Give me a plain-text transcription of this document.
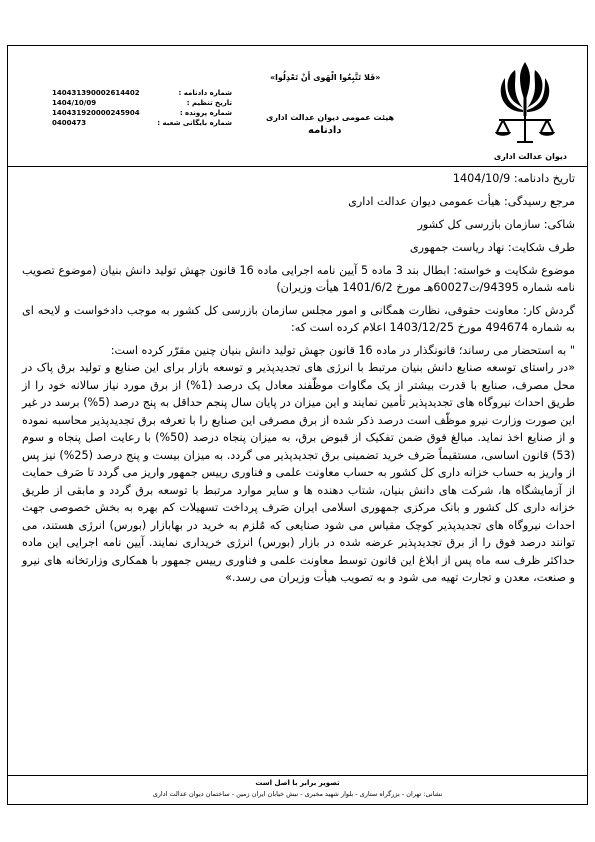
«فَلا تَتَّبِعُوا الْهَوی أَنْ تَعْدِلُوا»
هیئت عمومی دیوان عدالت اداری
دادنامه
شماره دادنامه :
140431390002614402
تاریخ تنظیم :
1404/10/09
شماره پرونده :
140431920000245904
شماره بایگانی شعبه :
0400473
دیوان عدالت اداری

تاریخ دادنامه: 1404/10/9

مرجع رسیدگی: هیأت عمومی دیوان عدالت اداری

شاکی: سازمان بازرسی کل کشور

طرف شکایت: نهاد ریاست جمهوری

موضوع شکایت و خواسته: ابطال بند 3 ماده 5 آیین نامه اجرایی ماده 16 قانون جهش تولید دانش بنیان (موضوع تصویب نامه شماره 94395/ت60027هـ مورخ 1401/6/2 هیأت وزیران)

گردش کار: معاونت حقوقی، نظارت همگانی و امور مجلس سازمان بازرسی کل کشور به موجب دادخواست و لایحه ای به شماره 494674 مورخ 1403/12/25 اعلام کرده است که:

" به استحضار می رساند؛ قانونگذار در ماده 16 قانون جهش تولید دانش بنیان چنین مقرّر کرده است:

«در راستای توسعه صنایع دانش بنیان مرتبط با انرژی های تجدیدپذیر و توسعه بازار برای این صنایع و تولید برق پاک در محل مصرف، صنایع با قدرت بیشتر از یک مگاوات موظّفند معادل یک درصد (1%) از برق مورد نیاز سالانه خود را از طریق احداث نیروگاه های تجدیدپذیر تأمین نمایند و این میزان در پایان سال پنجم حداقل به پنج درصد (5%) برسد در غیر این صورت وزارت نیرو موظّف است درصد ذکر شده از برق مصرفی این صنایع را با تعرفه برق تجدیدپذیر محاسبه نموده و از صنایع اخذ نماید. مبالغ فوق ضمن تفکیک از قبوض برق، به میزان پنجاه درصد (50%) با رعایت اصل پنجاه و سوم (53) قانون اساسی، مستقیماً صَرف خرید تضمینی برق تجدیدپذیر می گردد. به میزان بیست و پنج درصد (25%) نیز پس از واریز به حساب خزانه داری کل کشور به حساب معاونت علمی و فناوری رییس جمهور واریز می گردد تا صَرف حمایت از آزمایشگاه ها، شرکت های دانش بنیان، شتاب دهنده ها و سایر موارد مرتبط با توسعه برق گردد و مابقی از طریق خزانه داری کل کشور و بانک مرکزی جمهوری اسلامی ایران صَرف پرداخت تسهیلات کم بهره به بخش خصوصی جهت احداث نیروگاه های تجدیدپذیر کوچک مقیاس می شود صنایعی که مُلزم به خرید در بهابازار (بورس) انرژی هستند، می توانند درصد فوق را از برق تجدیدپذیر عرضه شده در بازار (بورس) انرژی خریداری نمایند. آیین نامه اجرایی این ماده حداکثر ظرف سه ماه پس از ابلاغ این قانون توسط معاونت علمی و فناوری رییس جمهور با همکاری وزارتخانه های نیرو و صنعت، معدن و تجارت تهیه می شود و به تصویب هیأت وزیران می رسد.»

تصویر برابر با اصل است
نشانی: تهران - بزرگراه ستاری - بلوار شهید مخبری - نبش خیابان ایران زمین - ساختمان دیوان عدالت اداری
